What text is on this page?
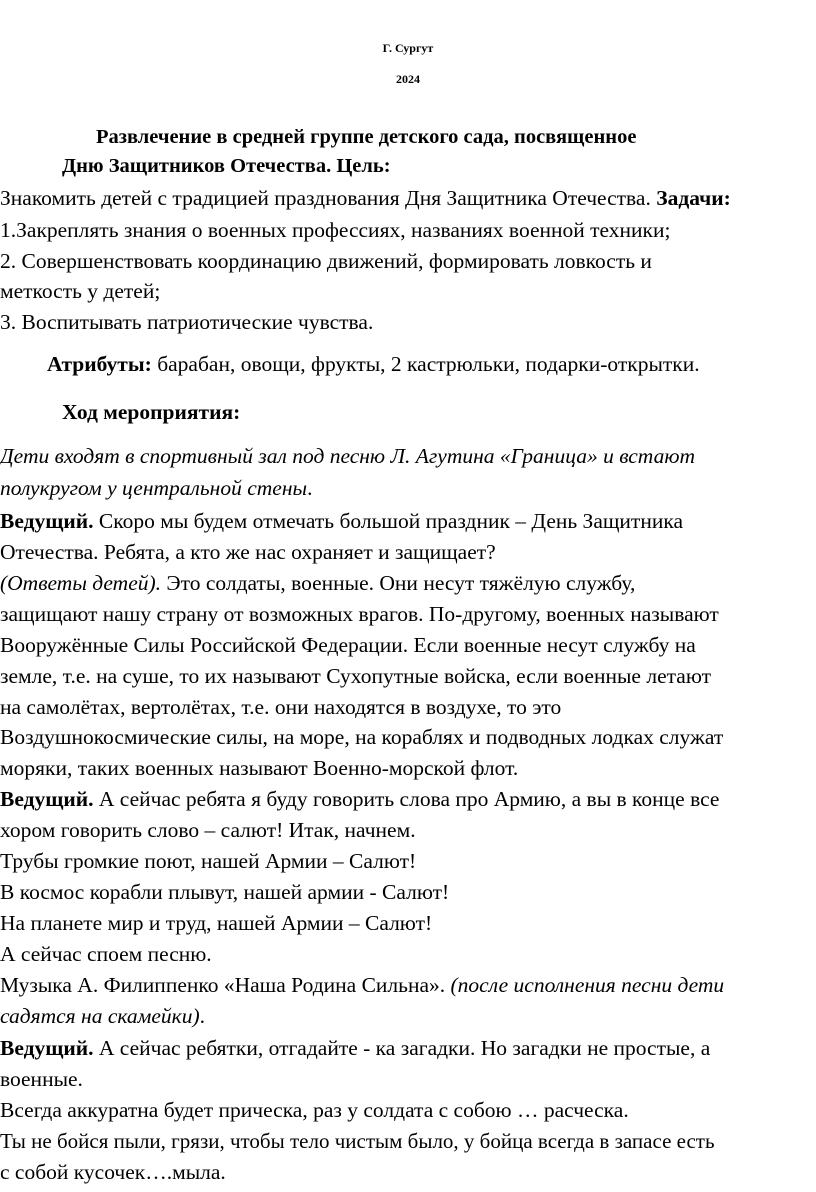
Г. Сургут
2024
Развлечение в средней группе детского сада, посвященное
Дню Защитников Отечества. Цель:
Знакомить детей с традицией празднования Дня Защитника Отечества. Задачи:
1.Закреплять знания о военных профессиях, названиях военной техники;
2. Совершенствовать координацию движений, формировать ловкость и
меткость у детей;
3. Воспитывать патриотические чувства.
Атрибуты: барабан, овощи, фрукты, 2 кастрюльки, подарки-открытки.
Ход мероприятия:
Дети входят в спортивный зал под песню Л. Агутина «Граница» и встают
полукругом у центральной стены.
Ведущий. Скоро мы будем отмечать большой праздник – День Защитника
Отечества. Ребята, а кто же нас охраняет и защищает?
(Ответы детей). Это солдаты, военные. Они несут тяжёлую службу,
защищают нашу страну от возможных врагов. По-другому, военных называют
Вооружённые Силы Российской Федерации. Если военные несут службу на
земле, т.е. на суше, то их называют Сухопутные войска, если военные летают
на самолётах, вертолётах, т.е. они находятся в воздухе, то это
Воздушнокосмические силы, на море, на кораблях и подводных лодках служат
моряки, таких военных называют Военно-морской флот.
Ведущий. А сейчас ребята я буду говорить слова про Армию, а вы в конце все
хором говорить слово – салют! Итак, начнем.
Трубы громкие поют, нашей Армии – Салют!
В космос корабли плывут, нашей армии - Салют!
На планете мир и труд, нашей Армии – Салют!
А сейчас споем песню.
Музыка А. Филиппенко «Наша Родина Сильна». (после исполнения песни дети
садятся на скамейки).
Ведущий. А сейчас ребятки, отгадайте - ка загадки. Но загадки не простые, а
военные.
Всегда аккуратна будет прическа, раз у солдата с собою … расческа.
Ты не бойся пыли, грязи, чтобы тело чистым было, у бойца всегда в запасе есть
с собой кусочек….мыла.
